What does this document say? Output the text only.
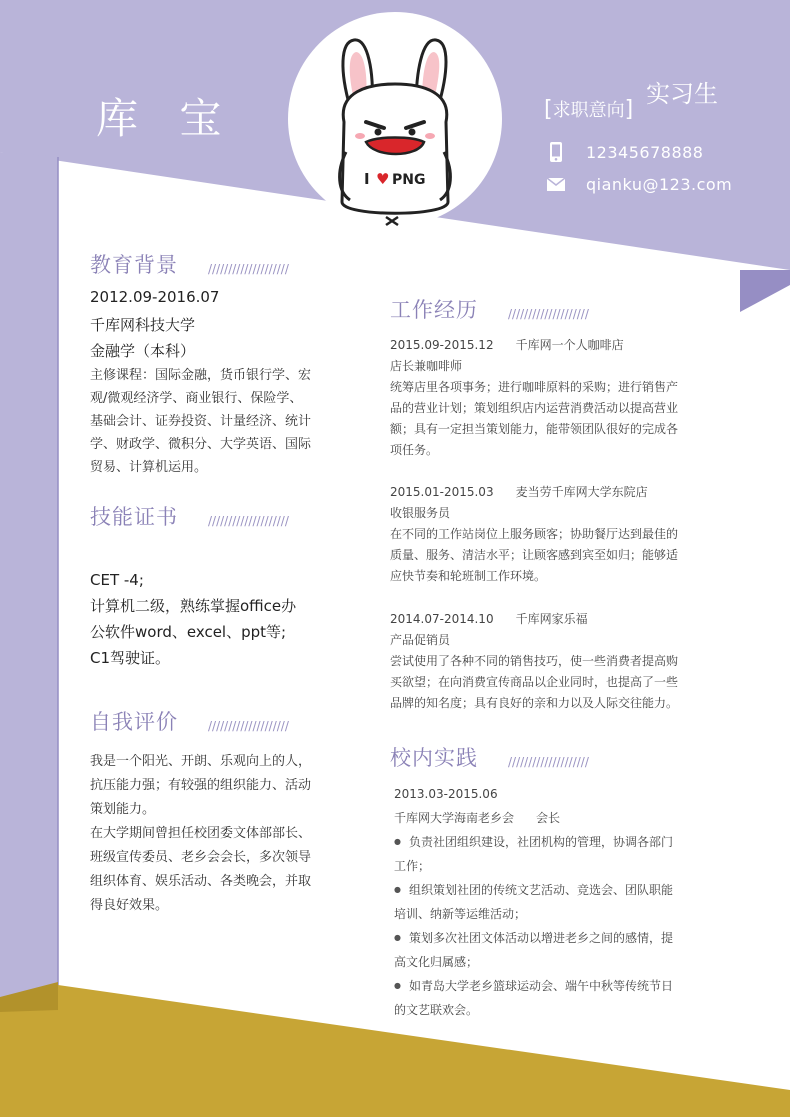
库 宝
I ♥ PNG
实习生
[求职意向]
12345678888
qianku@123.com
教育背景	////////////////////
2012.09-2016.07
千库网科技大学
金融学（本科）
主修课程：国际金融，货币银行学、宏
观/微观经济学、商业银行、保险学、
基础会计、证券投资、计量经济、统计
学、财政学、微积分、大学英语、国际
贸易、计算机运用。
技能证书	////////////////////
CET -4;
计算机二级，熟练掌握office办
公软件word、excel、ppt等;
C1驾驶证。
自我评价	////////////////////
我是一个阳光、开朗、乐观向上的人，
抗压能力强；有较强的组织能力、活动
策划能力。
在大学期间曾担任校团委文体部部长、
班级宣传委员、老乡会会长，多次领导
组织体育、娱乐活动、各类晚会，并取
得良好效果。
工作经历	////////////////////
2015.09-2015.12 千库网一个人咖啡店
店长兼咖啡师
统筹店里各项事务；进行咖啡原料的采购；进行销售产
品的营业计划；策划组织店内运营消费活动以提高营业
额；具有一定担当策划能力，能带领团队很好的完成各
项任务。
2015.01-2015.03 麦当劳千库网大学东院店
收银服务员
在不同的工作站岗位上服务顾客；协助餐厅达到最佳的
质量、服务、清洁水平；让顾客感到宾至如归；能够适
应快节奏和轮班制工作环境。
2014.07-2014.10 千库网家乐福
产品促销员
尝试使用了各种不同的销售技巧，使一些消费者提高购
买欲望；在向消费宣传商品以企业同时，也提高了一些
品牌的知名度；具有良好的亲和力以及人际交往能力。
校内实践	////////////////////
2013.03-2015.06
千库网大学海南老乡会 会长
● 负责社团组织建设，社团机构的管理，协调各部门
工作；
● 组织策划社团的传统文艺活动、竞选会、团队职能
培训、纳新等运维活动；
● 策划多次社团文体活动以增进老乡之间的感情，提
高文化归属感；
● 如青岛大学老乡篮球运动会、端午中秋等传统节日
的文艺联欢会。
